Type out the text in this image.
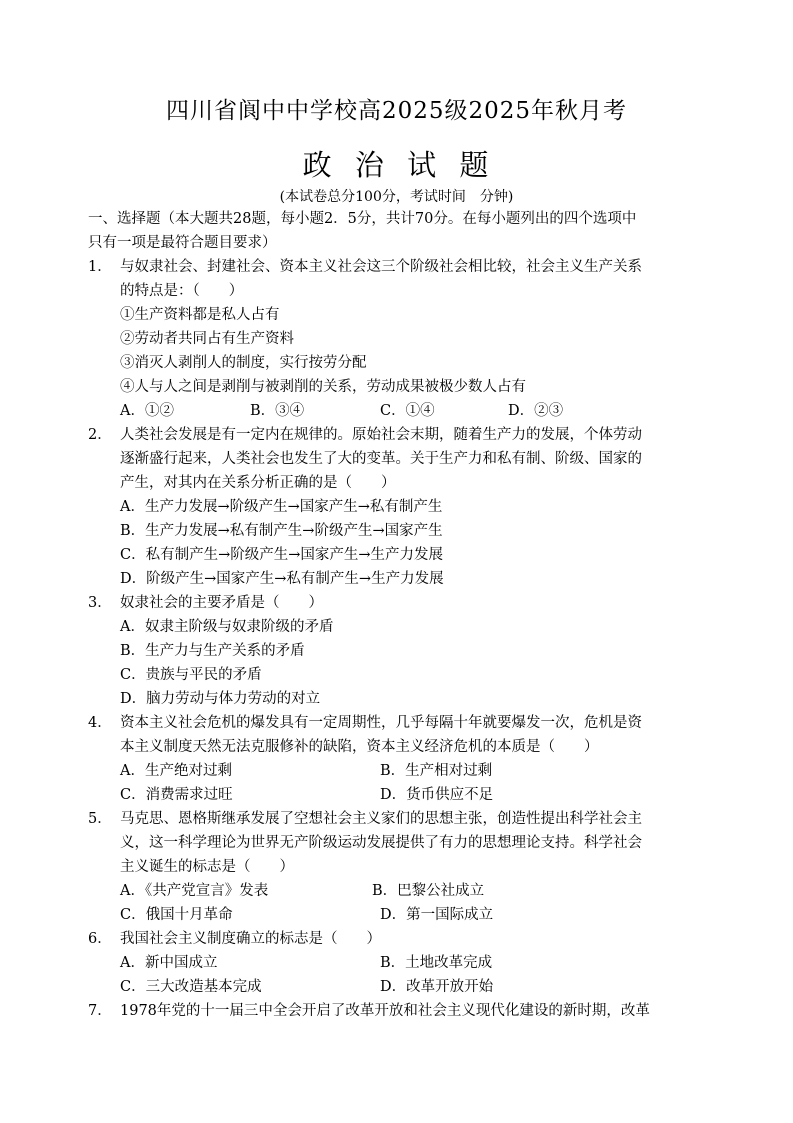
四川省阆中中学校高2025级2025年秋月考
政 治 试 题
(本试卷总分100分，考试时间　分钟)
一、选择题（本大题共28题，每小题2．5分，共计70分。在每小题列出的四个选项中
只有一项是最符合题目要求）
1． 与奴隶社会、封建社会、资本主义社会这三个阶级社会相比较，社会主义生产关系
的特点是：（　　）
①生产资料都是私人占有
②劳动者共同占有生产资料
③消灭人剥削人的制度，实行按劳分配
④人与人之间是剥削与被剥削的关系，劳动成果被极少数人占有
A．①②	B．③④	C．①④	D．②③
2． 人类社会发展是有一定内在规律的。原始社会末期，随着生产力的发展，个体劳动
逐渐盛行起来，人类社会也发生了大的变革。关于生产力和私有制、阶级、国家的
产生，对其内在关系分析正确的是（　　）
A．生产力发展→阶级产生→国家产生→私有制产生
B．生产力发展→私有制产生→阶级产生→国家产生
C．私有制产生→阶级产生→国家产生→生产力发展
D．阶级产生→国家产生→私有制产生→生产力发展
3． 奴隶社会的主要矛盾是（　　）
A．奴隶主阶级与奴隶阶级的矛盾
B．生产力与生产关系的矛盾
C．贵族与平民的矛盾
D．脑力劳动与体力劳动的对立
4． 资本主义社会危机的爆发具有一定周期性，几乎每隔十年就要爆发一次，危机是资
本主义制度天然无法克服修补的缺陷，资本主义经济危机的本质是（　　）
A．生产绝对过剩	B．生产相对过剩
C．消费需求过旺	D．货币供应不足
5． 马克思、恩格斯继承发展了空想社会主义家们的思想主张，创造性提出科学社会主
义，这一科学理论为世界无产阶级运动发展提供了有力的思想理论支持。科学社会
主义诞生的标志是（　　）
A．《共产党宣言》发表	B．巴黎公社成立
C．俄国十月革命	D．第一国际成立
6． 我国社会主义制度确立的标志是（　　）
A．新中国成立	B．土地改革完成
C．三大改造基本完成	D．改革开放开始
7． 1978年党的十一届三中全会开启了改革开放和社会主义现代化建设的新时期，改革
